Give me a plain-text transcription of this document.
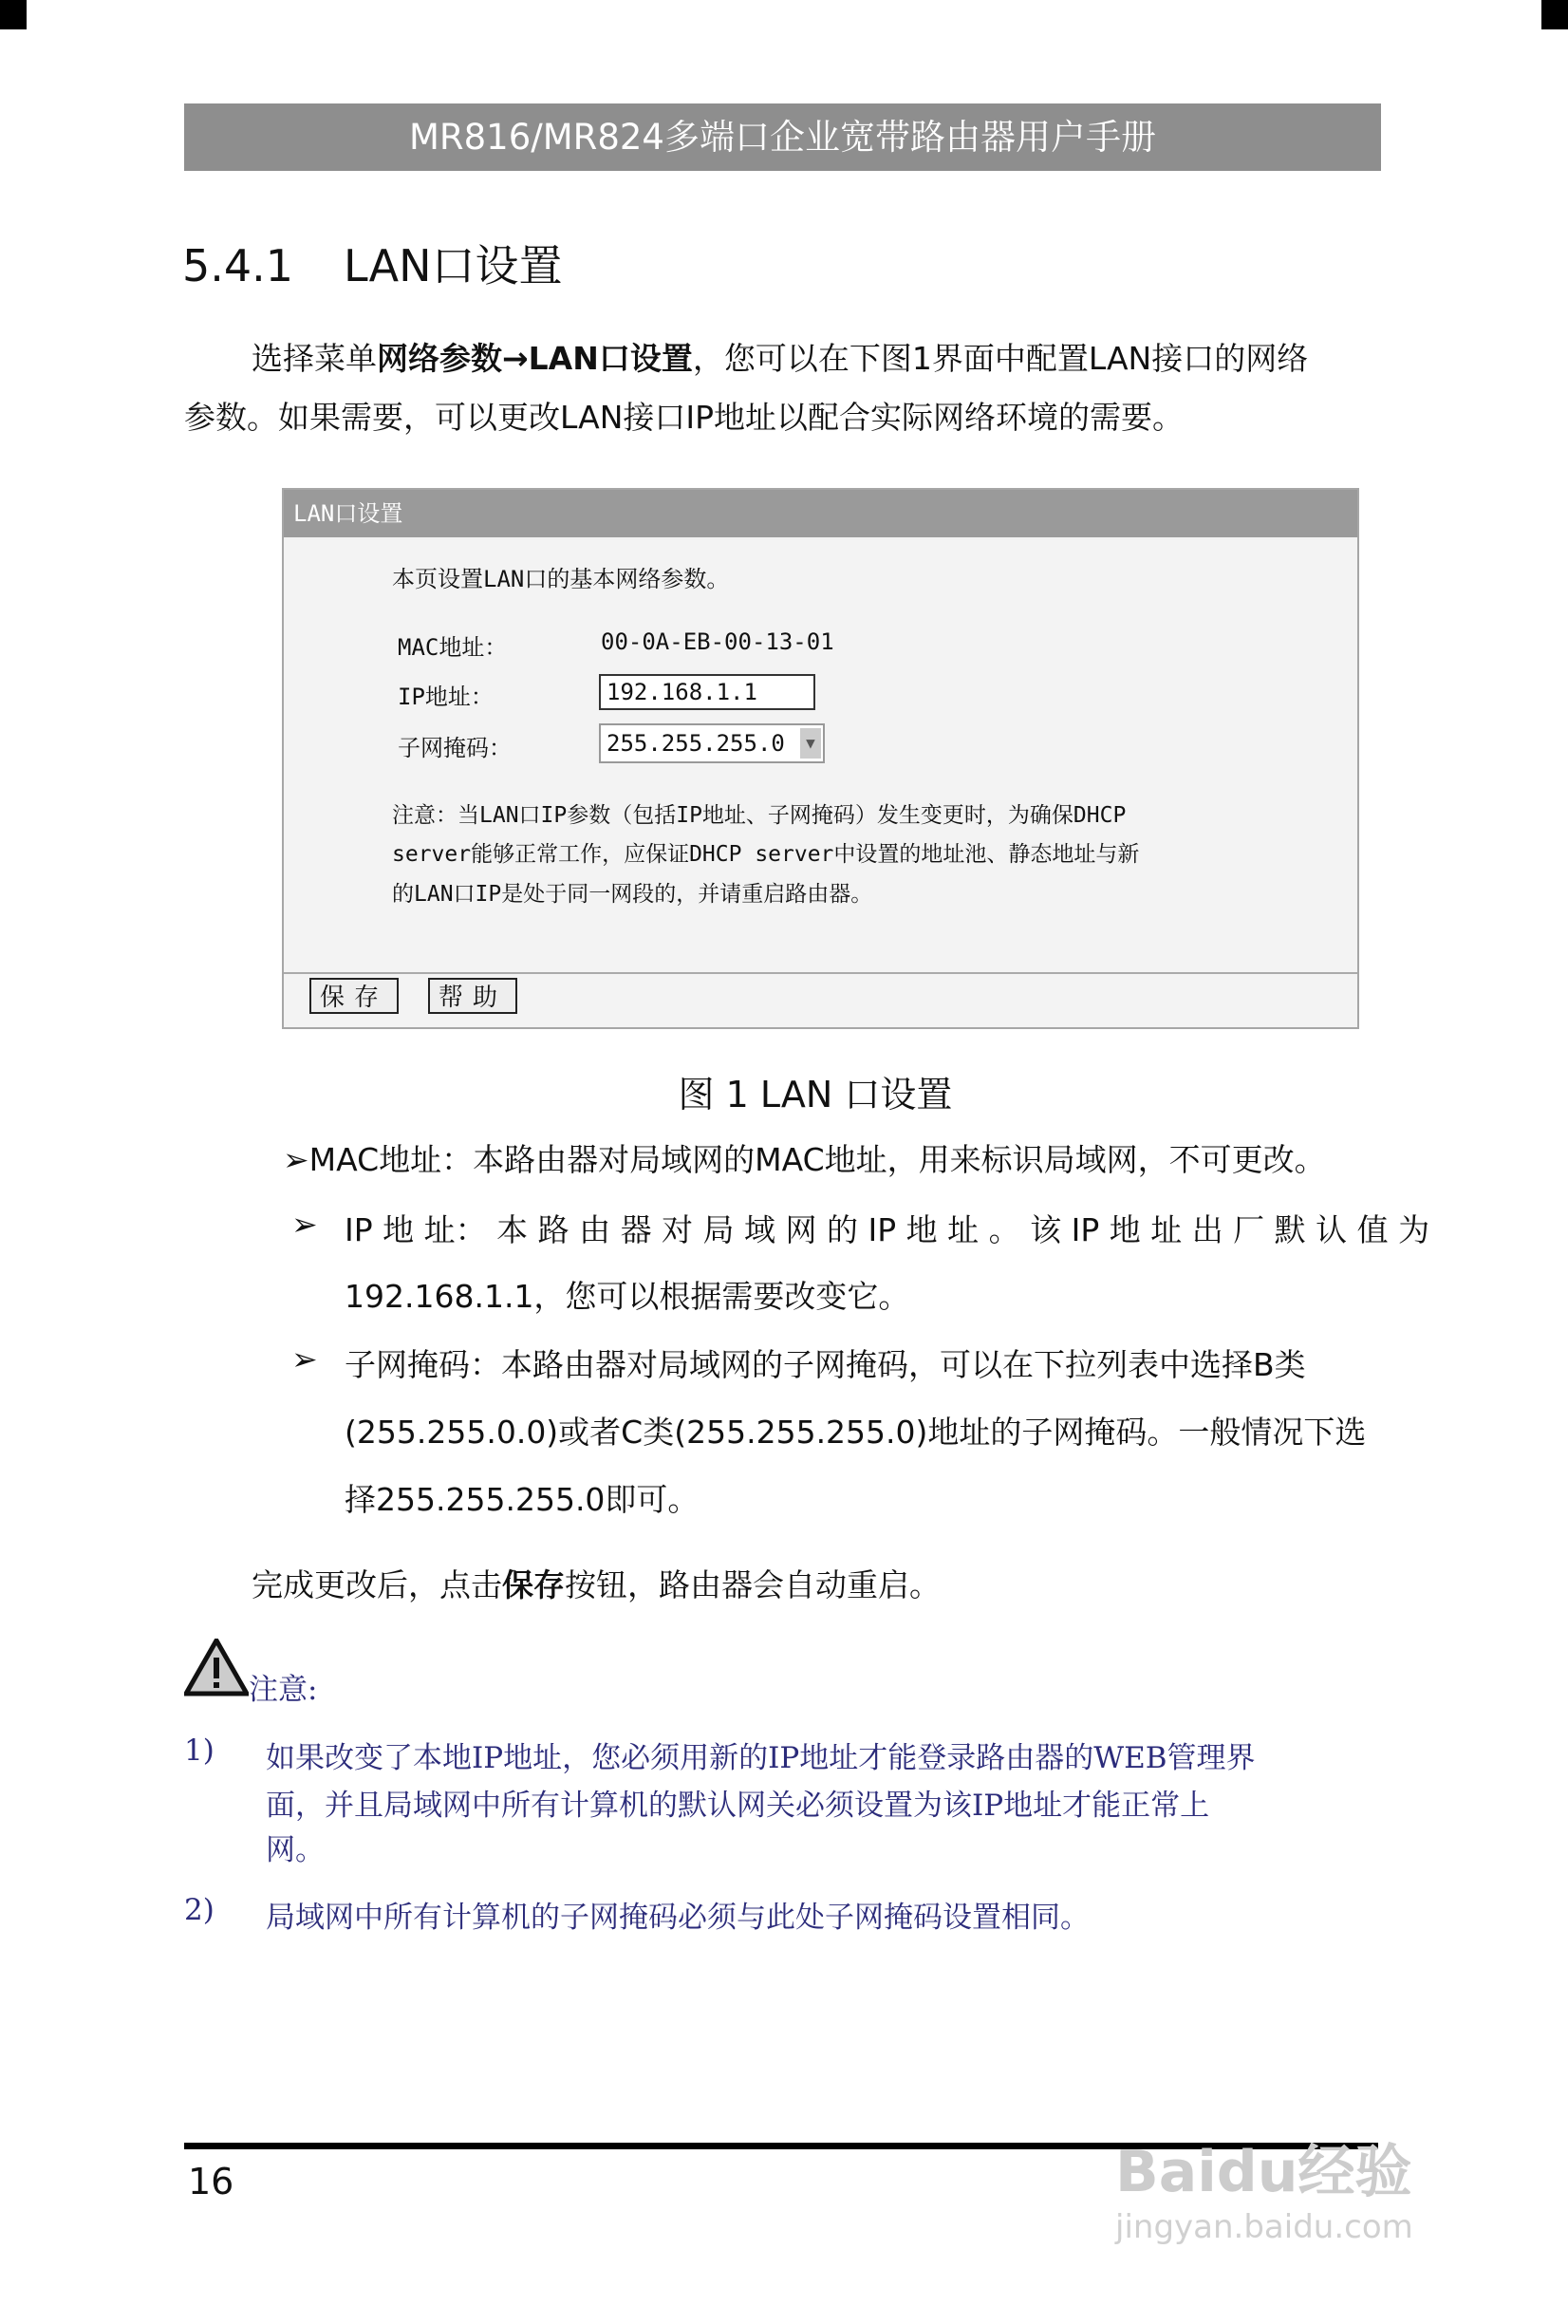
MR816/MR824多端口企业宽带路由器用户手册
5.4.1 LAN口设置
选择菜单网络参数→LAN口设置，您可以在下图1界面中配置LAN接口的网络
参数。如果需要，可以更改LAN接口IP地址以配合实际网络环境的需要。
LAN口设置
本页设置LAN口的基本网络参数。
MAC地址：	00-0A-EB-00-13-01
IP地址：	192.168.1.1
子网掩码：	255.255.255.0	▼
注意：当LAN口IP参数（包括IP地址、子网掩码）发生变更时，为确保DHCP
server能够正常工作，应保证DHCP server中设置的地址池、静态地址与新
的LAN口IP是处于同一网段的，并请重启路由器。
保存	帮助
图 1 LAN 口设置
➢MAC地址：本路由器对局域网的MAC地址，用来标识局域网，不可更改。
➢ IP 地 址： 本 路 由 器 对 局 域 网 的 IP 地 址 。 该 IP 地 址 出 厂 默 认 值 为
192.168.1.1，您可以根据需要改变它。
➢ 子网掩码：本路由器对局域网的子网掩码，可以在下拉列表中选择B类
(255.255.0.0)或者C类(255.255.255.0)地址的子网掩码。一般情况下选
择255.255.255.0即可。
完成更改后，点击保存按钮，路由器会自动重启。
注意:
1) 如果改变了本地IP地址，您必须用新的IP地址才能登录路由器的WEB管理界
面，并且局域网中所有计算机的默认网关必须设置为该IP地址才能正常上
网。
2) 局域网中所有计算机的子网掩码必须与此处子网掩码设置相同。
16	Baidu经验
jingyan.baidu.com
